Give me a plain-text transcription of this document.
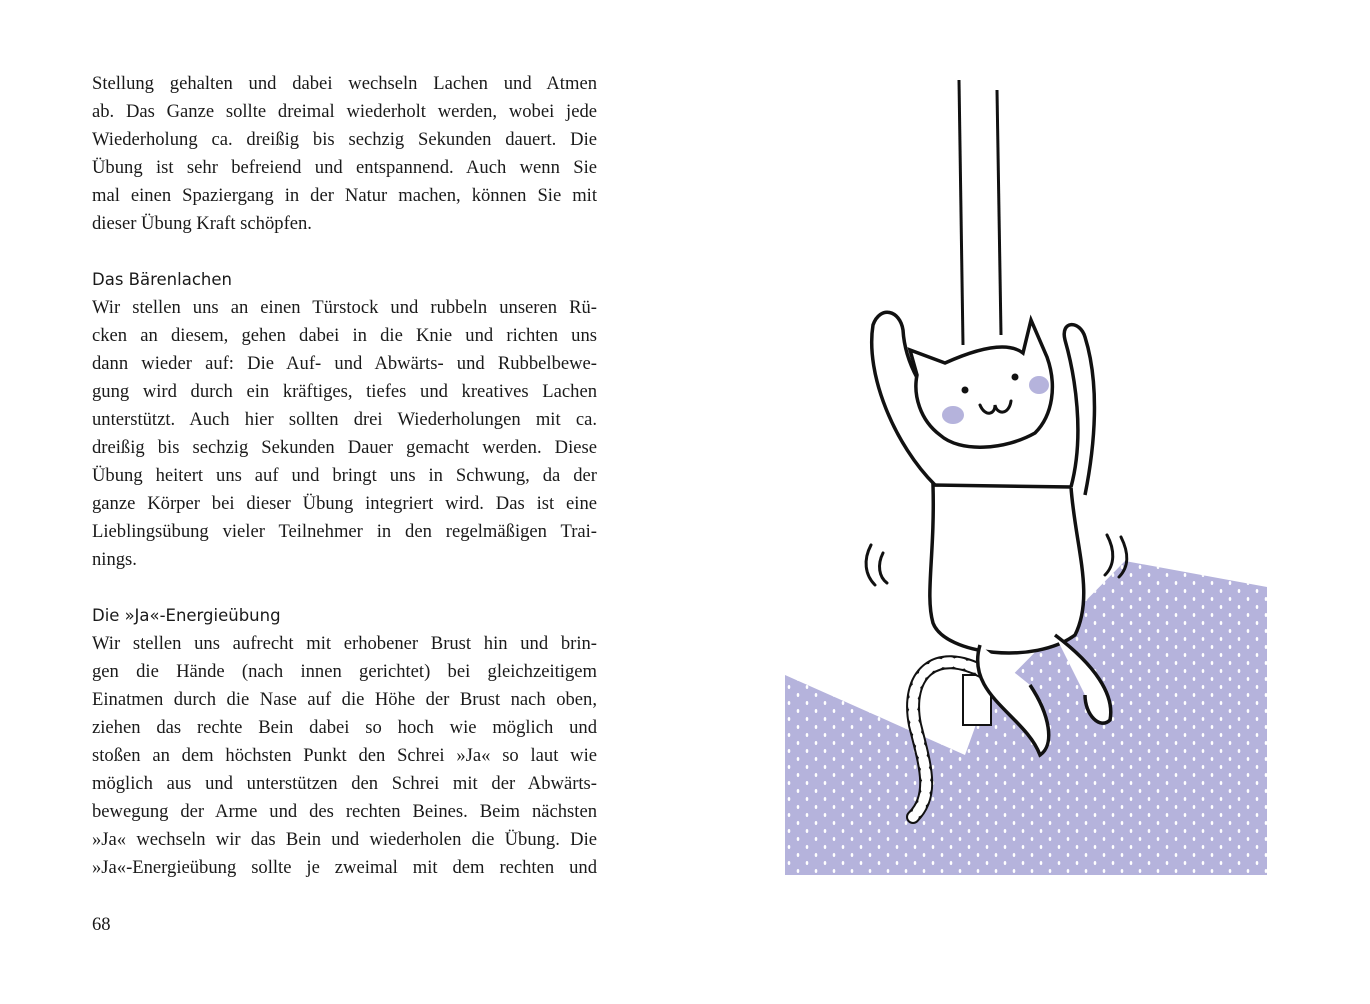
Stellung gehalten und dabei wechseln Lachen und Atmen
ab. Das Ganze sollte dreimal wiederholt werden, wobei jede
Wiederholung ca. dreißig bis sechzig Sekunden dauert. Die
Übung ist sehr befreiend und entspannend. Auch wenn Sie
mal einen Spaziergang in der Natur machen, können Sie mit
dieser Übung Kraft schöpfen.

Das Bärenlachen

Wir stellen uns an einen Türstock und rubbeln unseren Rü-
cken an diesem, gehen dabei in die Knie und richten uns
dann wieder auf: Die Auf- und Abwärts- und Rubbelbewe-
gung wird durch ein kräftiges, tiefes und kreatives Lachen
unterstützt. Auch hier sollten drei Wiederholungen mit ca.
dreißig bis sechzig Sekunden Dauer gemacht werden. Diese
Übung heitert uns auf und bringt uns in Schwung, da der
ganze Körper bei dieser Übung integriert wird. Das ist eine
Lieblingsübung vieler Teilnehmer in den regelmäßigen Trai-
nings.

Die »Ja«-Energieübung

Wir stellen uns aufrecht mit erhobener Brust hin und brin-
gen die Hände (nach innen gerichtet) bei gleichzeitigem
Einatmen durch die Nase auf die Höhe der Brust nach oben,
ziehen das rechte Bein dabei so hoch wie möglich und
stoßen an dem höchsten Punkt den Schrei »Ja« so laut wie
möglich aus und unterstützen den Schrei mit der Abwärts-
bewegung der Arme und des rechten Beines. Beim nächsten
»Ja« wechseln wir das Bein und wiederholen die Übung. Die
»Ja«-Energieübung sollte je zweimal mit dem rechten und
68
